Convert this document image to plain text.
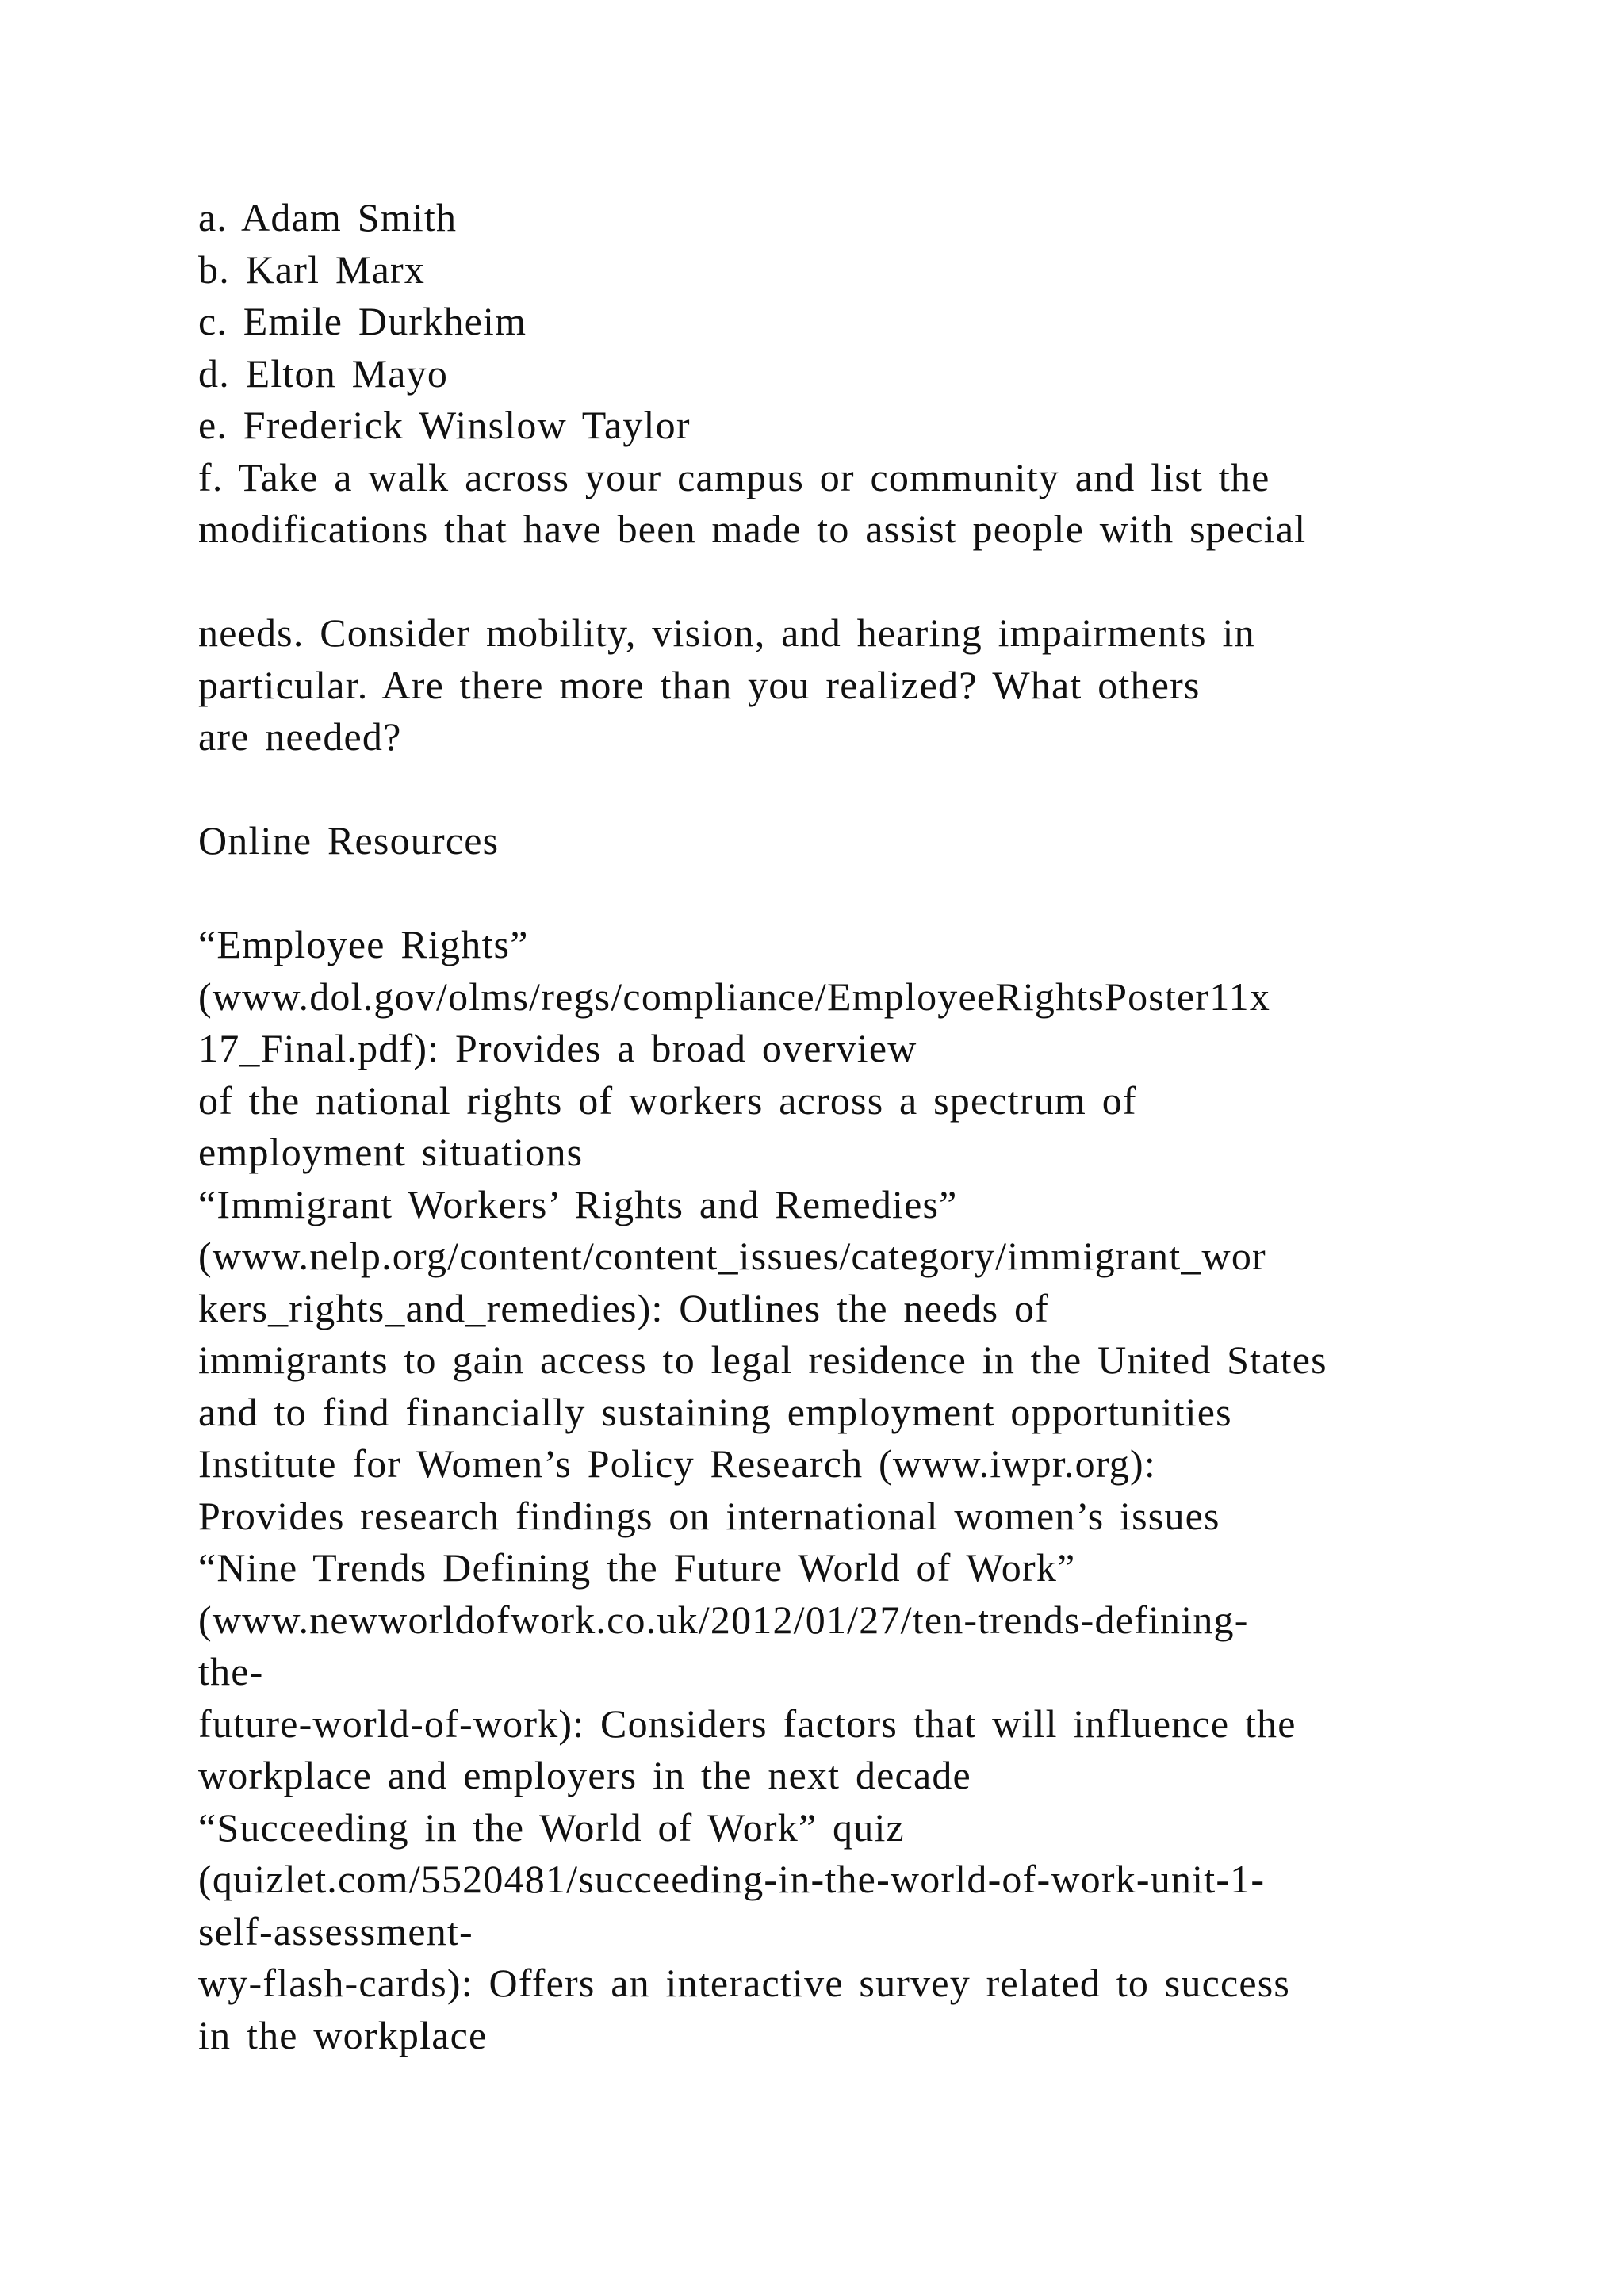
a. Adam Smith
b. Karl Marx
c. Emile Durkheim
d. Elton Mayo
e. Frederick Winslow Taylor
f. Take a walk across your campus or community and list the
modifications that have been made to assist people with special
needs. Consider mobility, vision, and hearing impairments in
particular. Are there more than you realized? What others
are needed?
Online Resources
“Employee Rights”
(www.dol.gov/olms/regs/compliance/EmployeeRightsPoster11x
17_Final.pdf): Provides a broad overview
of the national rights of workers across a spectrum of
employment situations
“Immigrant Workers’ Rights and Remedies”
(www.nelp.org/content/content_issues/category/immigrant_wor
kers_rights_and_remedies): Outlines the needs of
immigrants to gain access to legal residence in the United States
and to find financially sustaining employment opportunities
Institute for Women’s Policy Research (www.iwpr.org):
Provides research findings on international women’s issues
“Nine Trends Defining the Future World of Work”
(www.newworldofwork.co.uk/2012/01/27/ten-trends-defining-
the-
future-world-of-work): Considers factors that will influence the
workplace and employers in the next decade
“Succeeding in the World of Work” quiz
(quizlet.com/5520481/succeeding-in-the-world-of-work-unit-1-
self-assessment-
wy-flash-cards): Offers an interactive survey related to success
in the workplace
